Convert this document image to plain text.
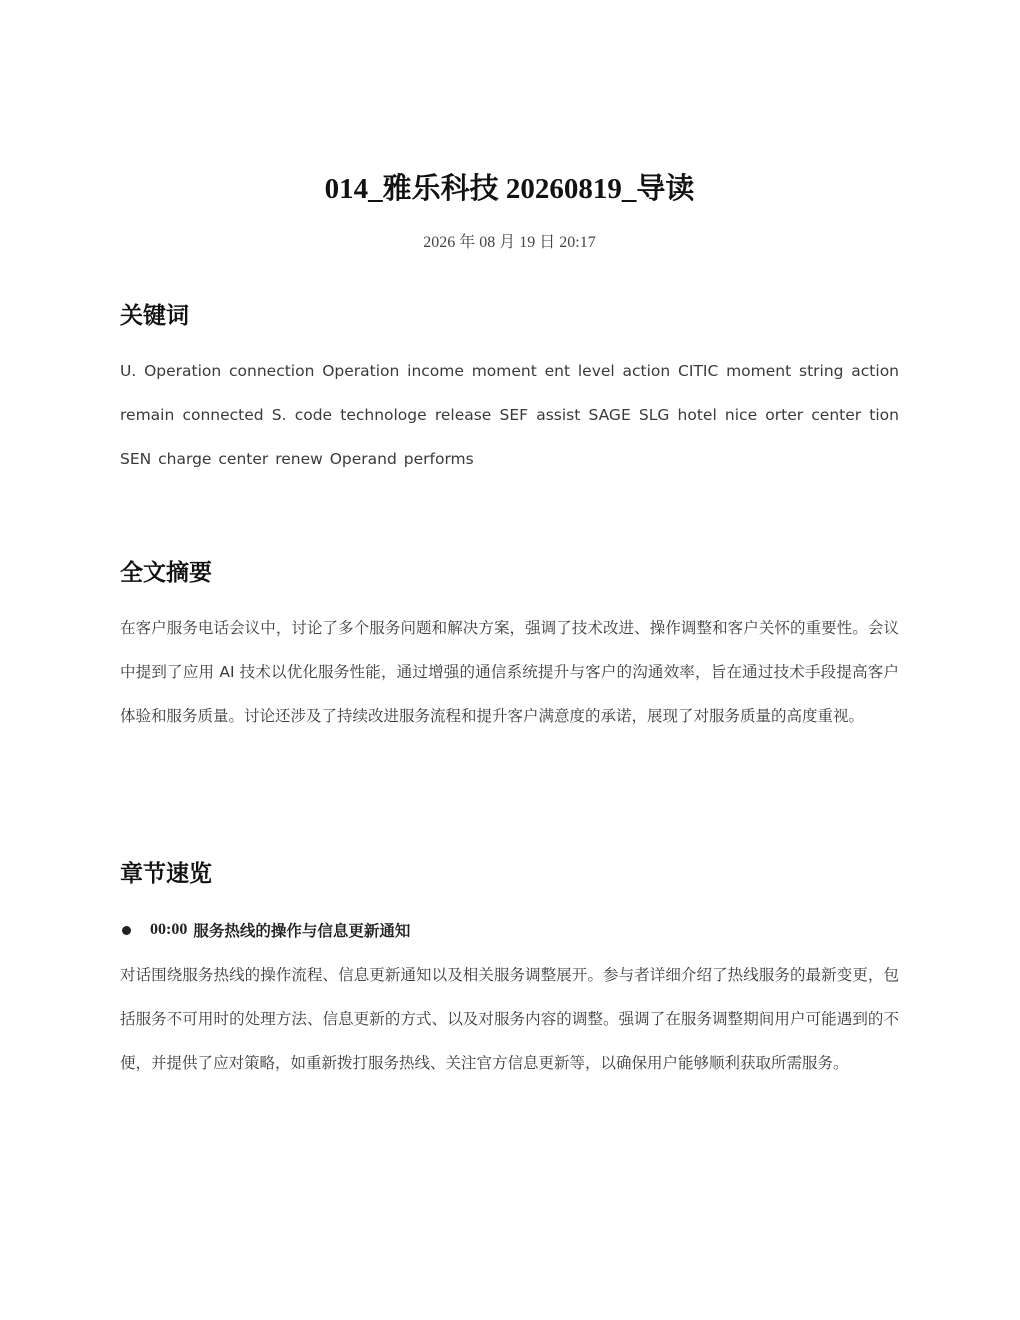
014_雅乐科技 20260819_导读
2026 年 08 月 19 日 20:17
关键词

U. Operation connection Operation income moment ent level action CITIC moment string action remain connected S. code technologe release SEF assist SAGE SLG hotel nice orter center tion SEN charge center renew Operand performs

全文摘要

在客户服务电话会议中，讨论了多个服务问题和解决方案，强调了技术改进、操作调整和客户关怀的重要性。会议中提到了应用 AI 技术以优化服务性能，通过增强的通信系统提升与客户的沟通效率，旨在通过技术手段提高客户体验和服务质量。讨论还涉及了持续改进服务流程和提升客户满意度的承诺，展现了对服务质量的高度重视。

章节速览
00:00 服务热线的操作与信息更新通知

对话围绕服务热线的操作流程、信息更新通知以及相关服务调整展开。参与者详细介绍了热线服务的最新变更，包括服务不可用时的处理方法、信息更新的方式、以及对服务内容的调整。强调了在服务调整期间用户可能遇到的不便，并提供了应对策略，如重新拨打服务热线、关注官方信息更新等，以确保用户能够顺利获取所需服务。
